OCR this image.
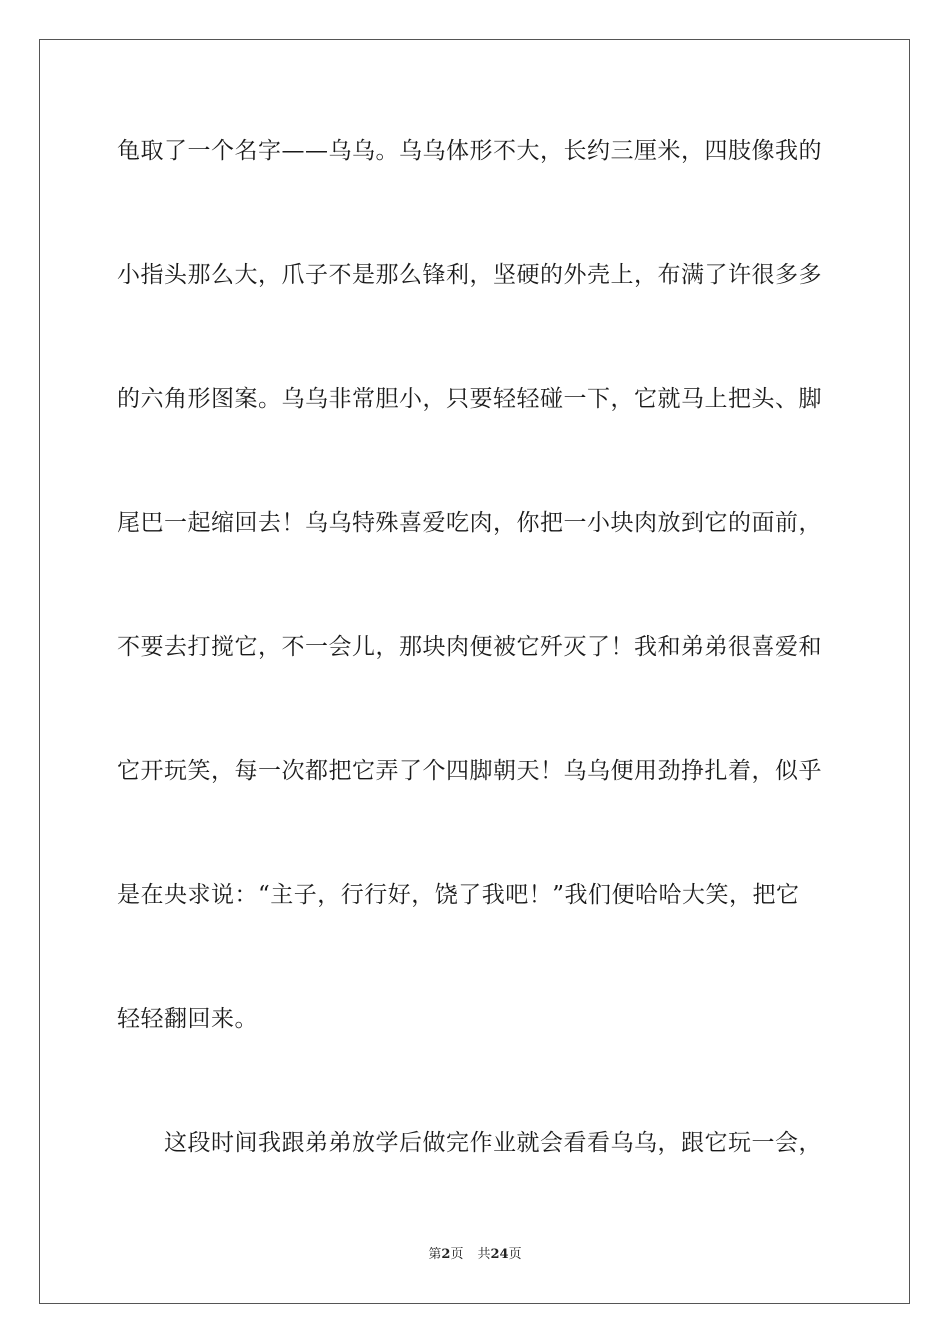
龟取了一个名字——乌乌。乌乌体形不大，长约三厘米，四肢像我的
小指头那么大，爪子不是那么锋利，坚硬的外壳上，布满了许很多多
的六角形图案。乌乌非常胆小，只要轻轻碰一下，它就马上把头、脚
尾巴一起缩回去！乌乌特殊喜爱吃肉，你把一小块肉放到它的面前，
不要去打搅它，不一会儿，那块肉便被它歼灭了！我和弟弟很喜爱和
它开玩笑，每一次都把它弄了个四脚朝天！乌乌便用劲挣扎着，似乎
是在央求说：“主子，行行好，饶了我吧！”我们便哈哈大笑，把它
轻轻翻回来。
这段时间我跟弟弟放学后做完作业就会看看乌乌，跟它玩一会，
第2页 共24页
